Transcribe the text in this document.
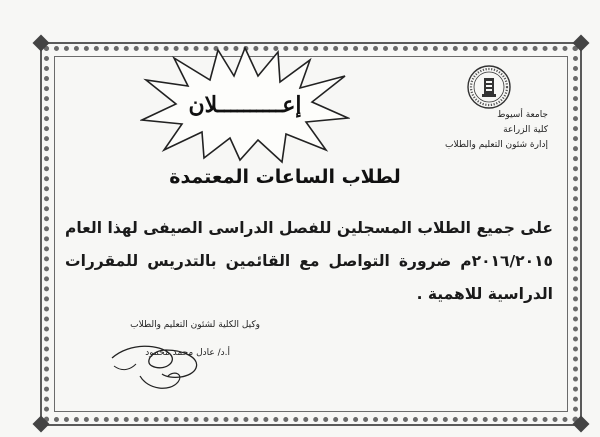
إعــــــــــلان	جامعة أسيوط
كلية الزراعة
إدارة شئون التعليم والطلاب
لطلاب الساعات المعتمدة
على جميع الطلاب المسجلين للفصل الدراسى الصيفى لهذا العام ٢٠١٦/٢٠١٥م ضرورة التواصل مع القائمين بالتدريس للمقررات الدراسية للاهمية .
وكيل الكلية لشئون التعليم والطلاب
أ.د/ عادل محمد محمود
